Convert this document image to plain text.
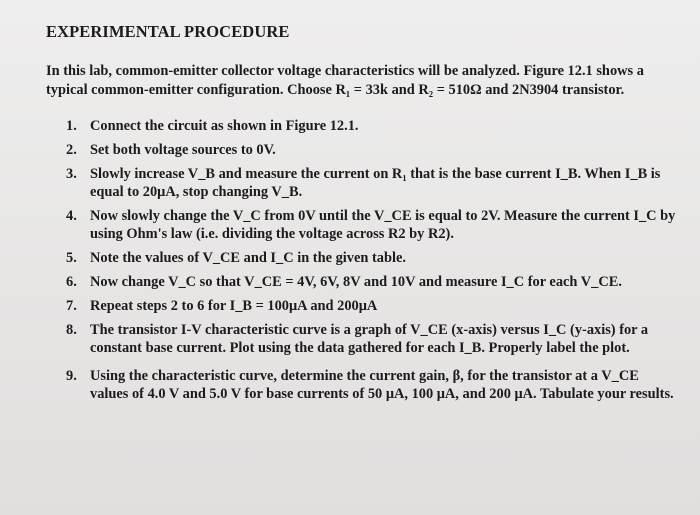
EXPERIMENTAL PROCEDURE
In this lab, common-emitter collector voltage characteristics will be analyzed. Figure 12.1 shows a typical common-emitter configuration. Choose R₁ = 33k and R₂ = 510Ω and 2N3904 transistor.
1. Connect the circuit as shown in Figure 12.1.
2. Set both voltage sources to 0V.
3. Slowly increase V_B and measure the current on R₁ that is the base current I_B. When I_B is equal to 20μA, stop changing V_B.
4. Now slowly change the V_C from 0V until the V_CE is equal to 2V. Measure the current I_C by using Ohm's law (i.e. dividing the voltage across R2 by R2).
5. Note the values of V_CE and I_C in the given table.
6. Now change V_C so that V_CE = 4V, 6V, 8V and 10V and measure I_C for each V_CE.
7. Repeat steps 2 to 6 for I_B = 100μA and 200μA
8. The transistor I-V characteristic curve is a graph of V_CE (x-axis) versus I_C (y-axis) for a constant base current. Plot using the data gathered for each I_B. Properly label the plot.
9. Using the characteristic curve, determine the current gain, β, for the transistor at a V_CE values of 4.0 V and 5.0 V for base currents of 50 μA, 100 μA, and 200 μA. Tabulate your results.
